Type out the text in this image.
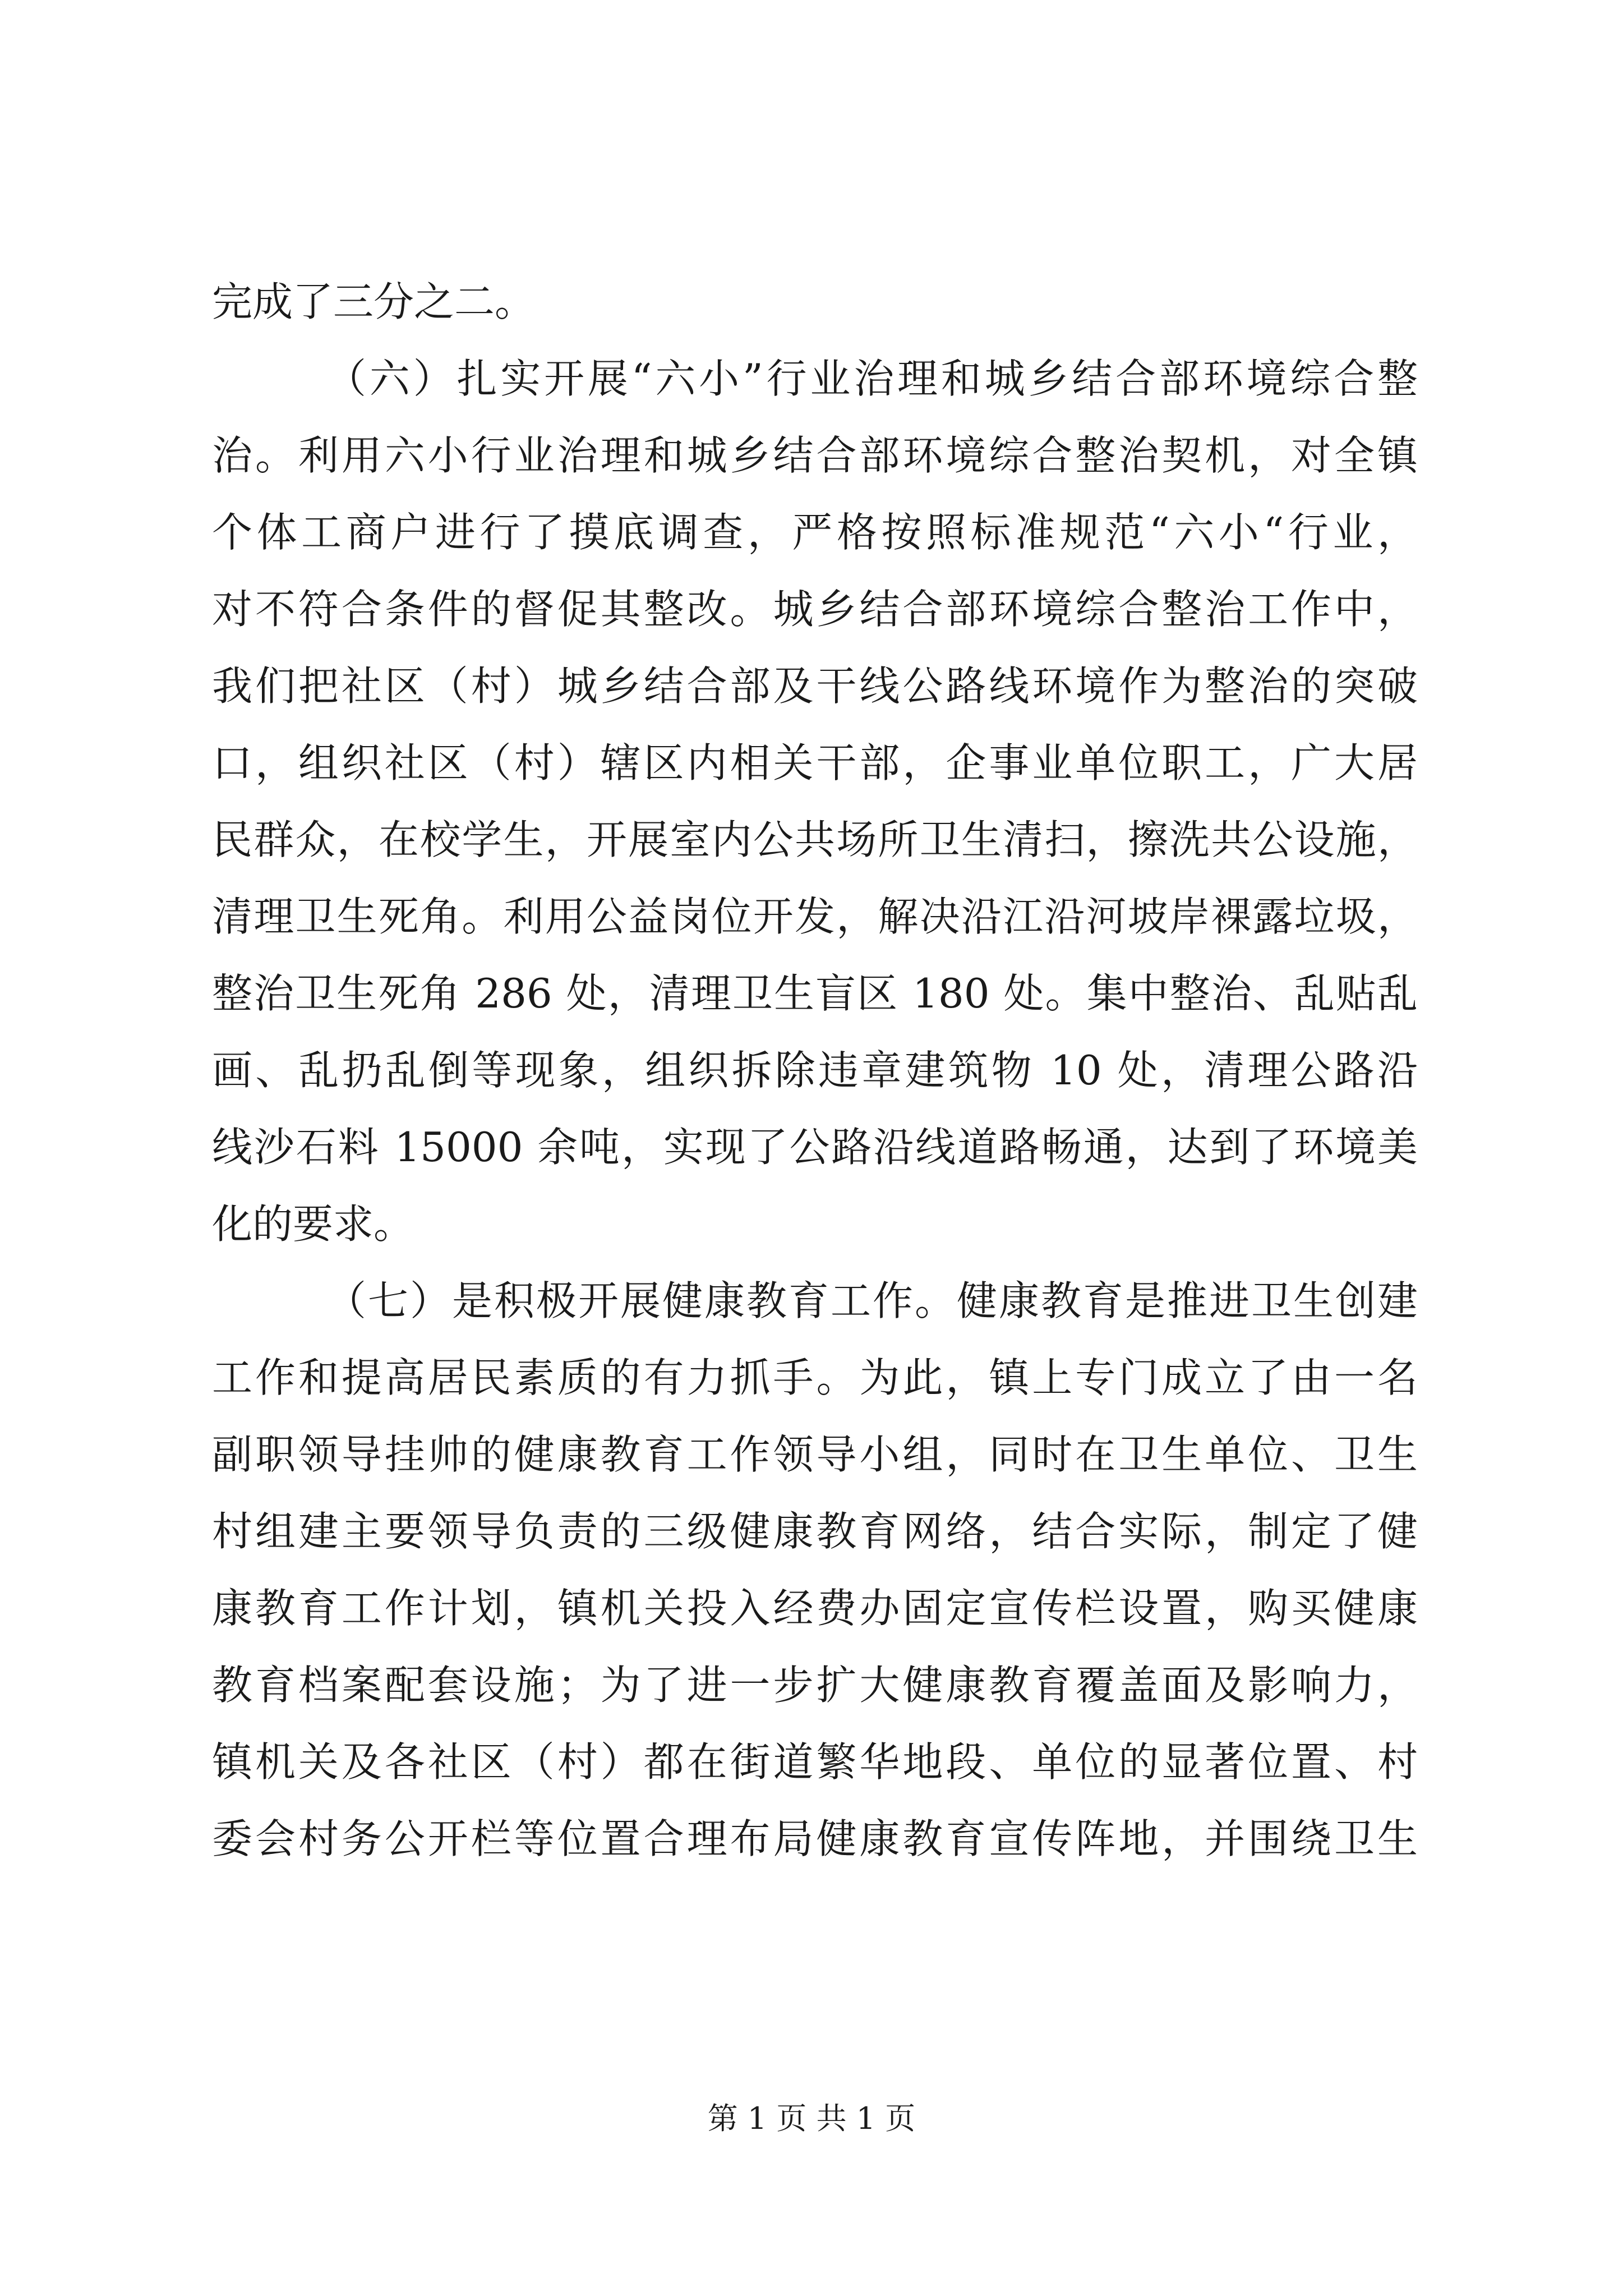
完成了三分之二。
（六）扎实开展“六小”行业治理和城乡结合部环境综合整
治。利用六小行业治理和城乡结合部环境综合整治契机，对全镇
个体工商户进行了摸底调查，严格按照标准规范“六小“行业，
对不符合条件的督促其整改。城乡结合部环境综合整治工作中，
我们把社区（村）城乡结合部及干线公路线环境作为整治的突破
口，组织社区（村）辖区内相关干部，企事业单位职工，广大居
民群众，在校学生，开展室内公共场所卫生清扫，擦洗共公设施，
清理卫生死角。利用公益岗位开发，解决沿江沿河坡岸裸露垃圾，
整治卫生死角 286 处，清理卫生盲区 180 处。集中整治、乱贴乱
画、乱扔乱倒等现象，组织拆除违章建筑物 10 处，清理公路沿
线沙石料 15000 余吨，实现了公路沿线道路畅通，达到了环境美
化的要求。
（七）是积极开展健康教育工作。健康教育是推进卫生创建
工作和提高居民素质的有力抓手。为此，镇上专门成立了由一名
副职领导挂帅的健康教育工作领导小组，同时在卫生单位、卫生
村组建主要领导负责的三级健康教育网络，结合实际，制定了健
康教育工作计划，镇机关投入经费办固定宣传栏设置，购买健康
教育档案配套设施；为了进一步扩大健康教育覆盖面及影响力，
镇机关及各社区（村）都在街道繁华地段、单位的显著位置、村
委会村务公开栏等位置合理布局健康教育宣传阵地，并围绕卫生
第 1 页 共 1 页
